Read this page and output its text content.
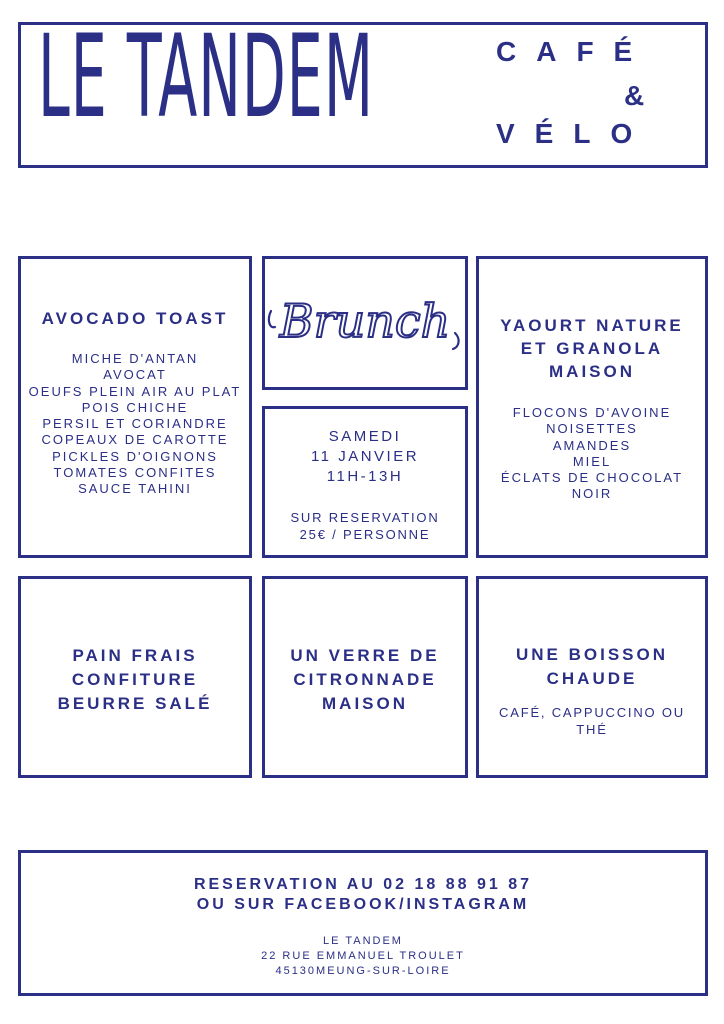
LE TANDEM	CAFÉ
&
VÉLO
AVOCADO TOAST
MICHE D'ANTAN
AVOCAT
OEUFS PLEIN AIR AU PLAT
POIS CHICHE
PERSIL ET CORIANDRE
COPEAUX DE CAROTTE
PICKLES D'OIGNONS
TOMATES CONFITES
SAUCE TAHINI
Brunch
SAMEDI
11 JANVIER
11H-13H
SUR RESERVATION
25€ / PERSONNE
YAOURT NATURE
ET GRANOLA
MAISON
FLOCONS D'AVOINE
NOISETTES
AMANDES
MIEL
ÉCLATS DE CHOCOLAT
NOIR
PAIN FRAIS
CONFITURE
BEURRE SALÉ
UN VERRE DE
CITRONNADE
MAISON
UNE BOISSON
CHAUDE
CAFÉ, CAPPUCCINO OU
THÉ
RESERVATION AU 02 18 88 91 87
OU SUR FACEBOOK/INSTAGRAM
LE TANDEM
22 RUE EMMANUEL TROULET
45130MEUNG-SUR-LOIRE
